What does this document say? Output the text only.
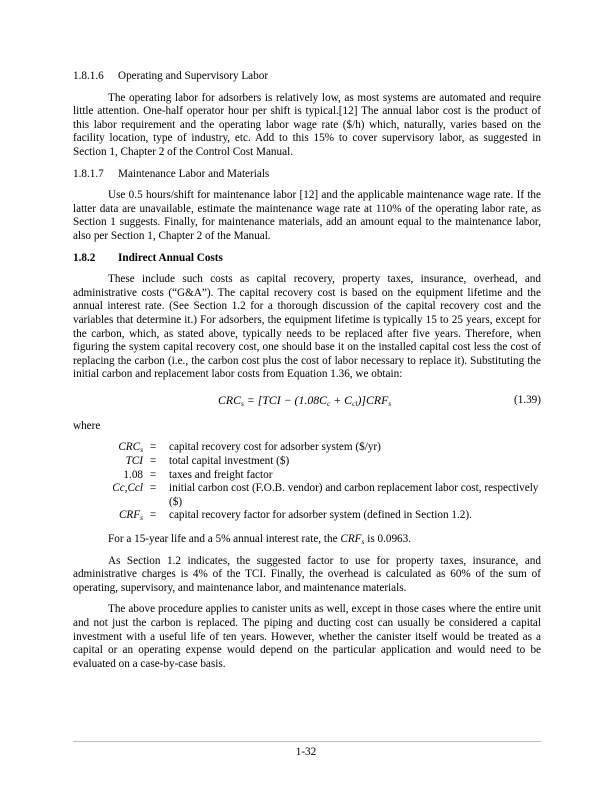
1.8.1.6 Operating and Supervisory Labor

The operating labor for adsorbers is relatively low, as most systems are automated and require little attention. One-half operator hour per shift is typical.[12] The annual labor cost is the product of this labor requirement and the operating labor wage rate ($/h) which, naturally, varies based on the facility location, type of industry, etc. Add to this 15% to cover supervisory labor, as suggested in Section 1, Chapter 2 of the Control Cost Manual.

1.8.1.7 Maintenance Labor and Materials

Use 0.5 hours/shift for maintenance labor [12] and the applicable maintenance wage rate. If the latter data are unavailable, estimate the maintenance wage rate at 110% of the operating labor rate, as Section 1 suggests. Finally, for maintenance materials, add an amount equal to the maintenance labor, also per Section 1, Chapter 2 of the Manual.

1.8.2 Indirect Annual Costs

These include such costs as capital recovery, property taxes, insurance, overhead, and administrative costs (“G&A”). The capital recovery cost is based on the equipment lifetime and the annual interest rate. (See Section 1.2 for a thorough discussion of the capital recovery cost and the variables that determine it.) For adsorbers, the equipment lifetime is typically 15 to 25 years, except for the carbon, which, as stated above, typically needs to be replaced after five years. Therefore, when figuring the system capital recovery cost, one should base it on the installed capital cost less the cost of replacing the carbon (i.e., the carbon cost plus the cost of labor necessary to replace it). Substituting the initial carbon and replacement labor costs from Equation 1.36, we obtain:

$CRC_s = [TCI - (1.08C_c + C_{cl})]CRF_s$	(1.39)

where

$CRC_s$ =	capital recovery cost for adsorber system ($/yr)
TCI =	total capital investment ($)
1.08 =	taxes and freight factor
Cc,Ccl =	initial carbon cost (F.O.B. vendor) and carbon replacement labor cost, respectively ($)
$CRF_s$ =	capital recovery factor for adsorber system (defined in Section 1.2).

For a 15-year life and a 5% annual interest rate, the $CRF_s$ is 0.0963.

As Section 1.2 indicates, the suggested factor to use for property taxes, insurance, and administrative charges is 4% of the TCI. Finally, the overhead is calculated as 60% of the sum of operating, supervisory, and maintenance labor, and maintenance materials.

The above procedure applies to canister units as well, except in those cases where the entire unit and not just the carbon is replaced. The piping and ducting cost can usually be considered a capital investment with a useful life of ten years. However, whether the canister itself would be treated as a capital or an operating expense would depend on the particular application and would need to be evaluated on a case-by-case basis.

1-32
